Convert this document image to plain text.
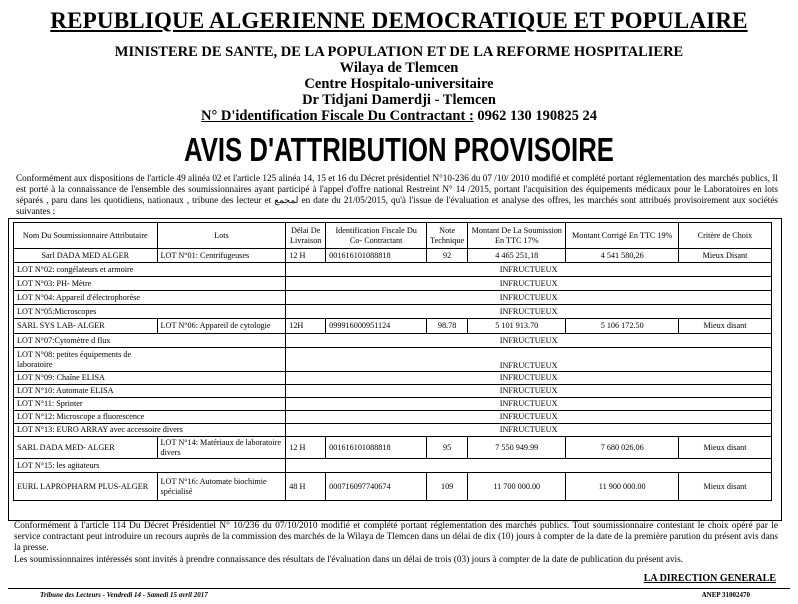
REPUBLIQUE ALGERIENNE DEMOCRATIQUE ET POPULAIRE
MINISTERE DE SANTE, DE LA POPULATION ET DE LA REFORME HOSPITALIERE
Wilaya de Tlemcen
Centre Hospitalo-universitaire
Dr Tidjani Damerdji - Tlemcen
N° D'identification Fiscale Du Contractant : 0962 130 190825 24
AVIS D'ATTRIBUTION PROVISOIRE
Conformément aux dispositions de l'article 49 alinéa 02 et l'article 125 alinéa 14, 15 et 16 du Décret présidentiel N°10-236 du 07 /10/ 2010 modifié et complété portant réglementation des marchés publics, Il est porté à la connaissance de l'ensemble des soumissionnaires ayant participé à l'appel d'offre national Restreint N° 14 /2015, portant l'acquisition des équipements médicaux pour le Laboratoires en lots séparés , paru dans les quotidiens, nationaux , tribune des lecteur et لمجمع en date du 21/05/2015, qu'à l'issue de l'évaluation et analyse des offres, les marchés sont attribués provisoirement aux sociétés suivantes :
Nom Du Soumissionnaire Attributaire	Lots	Délai De Livraison	Identification Fiscale Du Co- Contractant	Note Technique	Montant De La Soumission En TTC 17%	Montant Corrigé En TTC 19%	Critère de Choix
Sarl DADA MED ALGER	LOT N°01: Centrifugeuses	12 H	001616101088818	92	4 465 251,18	4 541 580,26	Mieux Disant
LOT N°02: congélateurs et armoire		INFRUCTUEUX					
LOT N°03: PH- Mètre		INFRUCTUEUX					
LOT N°04: Appareil d'électrophorèse		INFRUCTUEUX					
LOT N°05:Microscopes		INFRUCTUEUX					
SARL SYS LAB- ALGER	LOT N°06: Appareil de cytologie	12H	099916000951124	98.78	5 101 913.70	5 106 172.50	Mieux disant
LOT N°07:Cytomètre d flux		INFRUCTUEUX					
LOT N°08: petites équipements de laboratoire		INFRUCTUEUX					
LOT N°09: Chaîne ELISA		INFRUCTUEUX					
LOT N°10: Automate ELISA		INFRUCTUEUX					
LOT N°11: Sprinter		INFRUCTUEUX					
LOT N°12: Microscope a fluorescence		INFRUCTUEUX					
LOT N°13: EURO ARRAY avec accessoire divers		INFRUCTUEUX					
SARL DADA MED- ALGER	LOT N°14: Matériaux de laboratoire divers	12 H	001616101088818	95	7 550 949.99	7 680 026.06	Mieux disant
LOT N°15: les agitateurs							
EURL LAPROPHARM PLUS-ALGER	LOT N°16: Automate biochimie spécialisé	48 H	000716097740674	109	11 700 000.00	11 900 000.00	Mieux disant
Conformément à l'article 114 Du Décret Présidentiel N° 10/236 du 07/10/2010 modifié et complété portant réglementation des marchés publics. Tout soumissionnaire contestant le choix opéré par le service contractant peut introduire un recours auprès de la commission des marchés de la Wilaya de Tlemcen dans un délai de dix (10) jours à compter de la date de la première parution du présent avis dans la presse.
Les soumissionnaires intéressés sont invités à prendre connaissance des résultats de l'évaluation dans un délai de trois (03) jours à compter de la date de publication du présent avis.
LA DIRECTION GENERALE
Tribune des Lecteurs - Vendredi 14 - Samedi 15 avril 2017	ANEP 31002470
